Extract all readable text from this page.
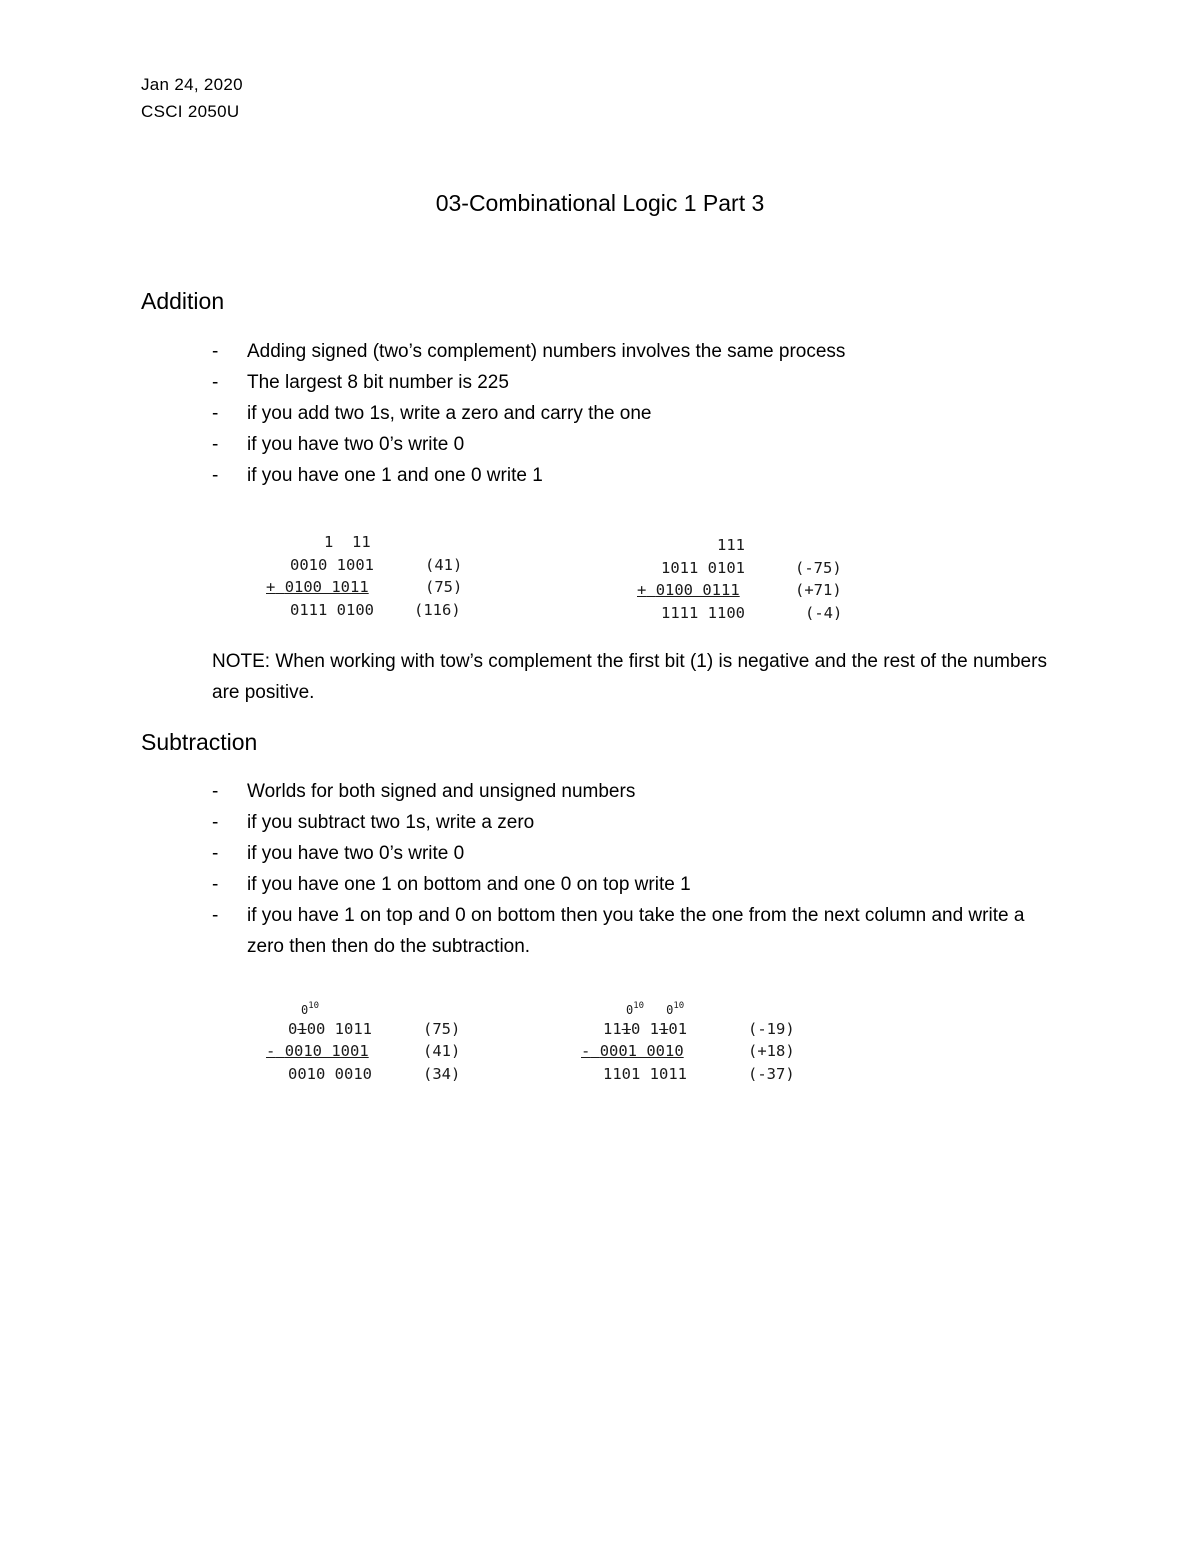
Jan 24, 2020
CSCI 2050U
03-Combinational Logic 1 Part 3
Addition
- Adding signed (two’s complement) numbers involves the same process
- The largest 8 bit number is 225
- if you add two 1s, write a zero and carry the one
- if you have two 0’s write 0
- if you have one 1 and one 0 write 1
1  11
0010 1001	(41)
+ 0100 1011	(75)
0111 0100	(116)
111
1011 0101	(-75)
+ 0100 0111	(+71)
1111 1100	(-4)
NOTE: When working with tow’s complement the first bit (1) is negative and the rest of the numbers are positive.
Subtraction
- Worlds for both signed and unsigned numbers
- if you subtract two 1s, write a zero
- if you have two 0’s write 0
- if you have one 1 on bottom and one 0 on top write 1
- if you have 1 on top and 0 on bottom then you take the one from the next column and write a zero then then do the subtraction.
$0^{10}$
0100 1011	(75)
- 0010 1001	(41)
0010 0010	(34)
$0^{10}$ $0^{10}$
1110 1101	(-19)
- 0001 0010	(+18)
1101 1011	(-37)
